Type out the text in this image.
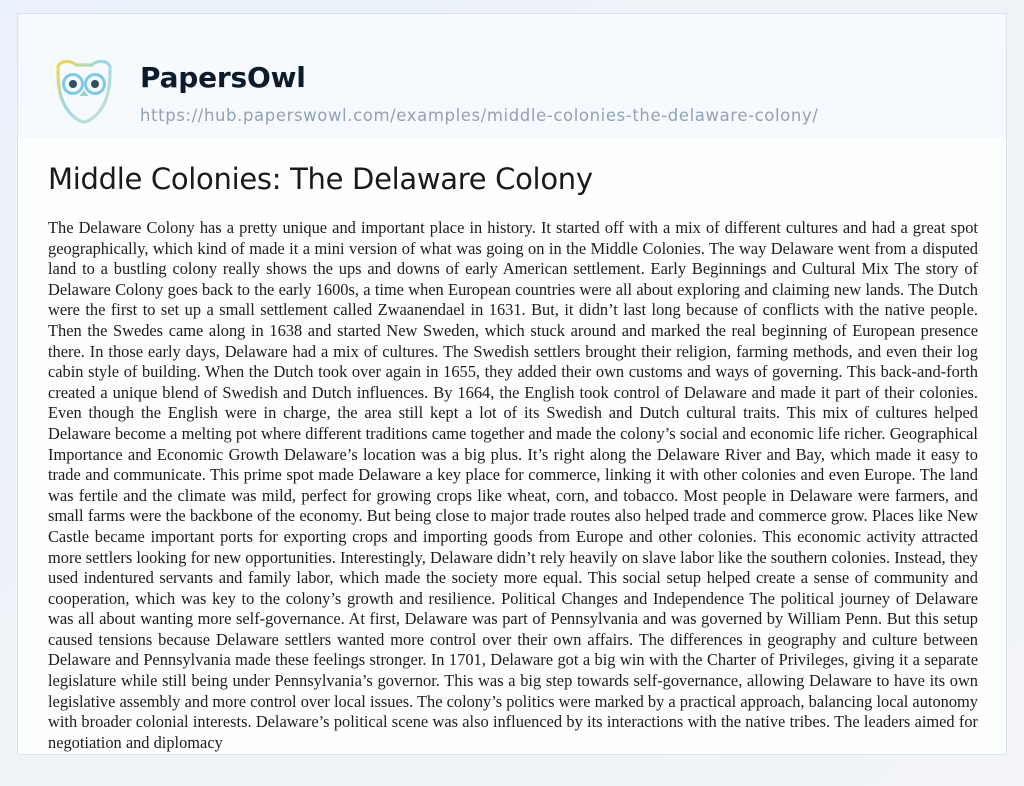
PapersOwl
https://hub.paperswowl.com/examples/middle-colonies-the-delaware-colony/
Middle Colonies: The Delaware Colony

The Delaware Colony has a pretty unique and important place in history. It started off with a mix of different cultures and had a great spot geographically, which kind of made it a mini version of what was going on in the Middle Colonies. The way Delaware went from a disputed land to a bustling colony really shows the ups and downs of early American settlement. Early Beginnings and Cultural Mix The story of Delaware Colony goes back to the early 1600s, a time when European countries were all about exploring and claiming new lands. The Dutch were the first to set up a small settlement called Zwaanendael in 1631. But, it didn’t last long because of conflicts with the native people. Then the Swedes came along in 1638 and started New Sweden, which stuck around and marked the real beginning of European presence there. In those early days, Delaware had a mix of cultures. The Swedish settlers brought their religion, farming methods, and even their log cabin style of building. When the Dutch took over again in 1655, they added their own customs and ways of governing. This back-and-forth created a unique blend of Swedish and Dutch influences. By 1664, the English took control of Delaware and made it part of their colonies. Even though the English were in charge, the area still kept a lot of its Swedish and Dutch cultural traits. This mix of cultures helped Delaware become a melting pot where different traditions came together and made the colony’s social and economic life richer. Geographical Importance and Economic Growth Delaware’s location was a big plus. It’s right along the Delaware River and Bay, which made it easy to trade and communicate. This prime spot made Delaware a key place for commerce, linking it with other colonies and even Europe. The land was fertile and the climate was mild, perfect for growing crops like wheat, corn, and tobacco. Most people in Delaware were farmers, and small farms were the backbone of the economy. But being close to major trade routes also helped trade and commerce grow. Places like New Castle became important ports for exporting crops and importing goods from Europe and other colonies. This economic activity attracted more settlers looking for new opportunities. Interestingly, Delaware didn’t rely heavily on slave labor like the southern colonies. Instead, they used indentured servants and family labor, which made the society more equal. This social setup helped create a sense of community and cooperation, which was key to the colony’s growth and resilience. Political Changes and Independence The political journey of Delaware was all about wanting more self-governance. At first, Delaware was part of Pennsylvania and was governed by William Penn. But this setup caused tensions because Delaware settlers wanted more control over their own affairs. The differences in geography and culture between Delaware and Pennsylvania made these feelings stronger. In 1701, Delaware got a big win with the Charter of Privileges, giving it a separate legislature while still being under Pennsylvania’s governor. This was a big step towards self-governance, allowing Delaware to have its own legislative assembly and more control over local issues. The colony’s politics were marked by a practical approach, balancing local autonomy with broader colonial interests. Delaware’s political scene was also influenced by its interactions with the native tribes. The leaders aimed for negotiation and diplomacy
